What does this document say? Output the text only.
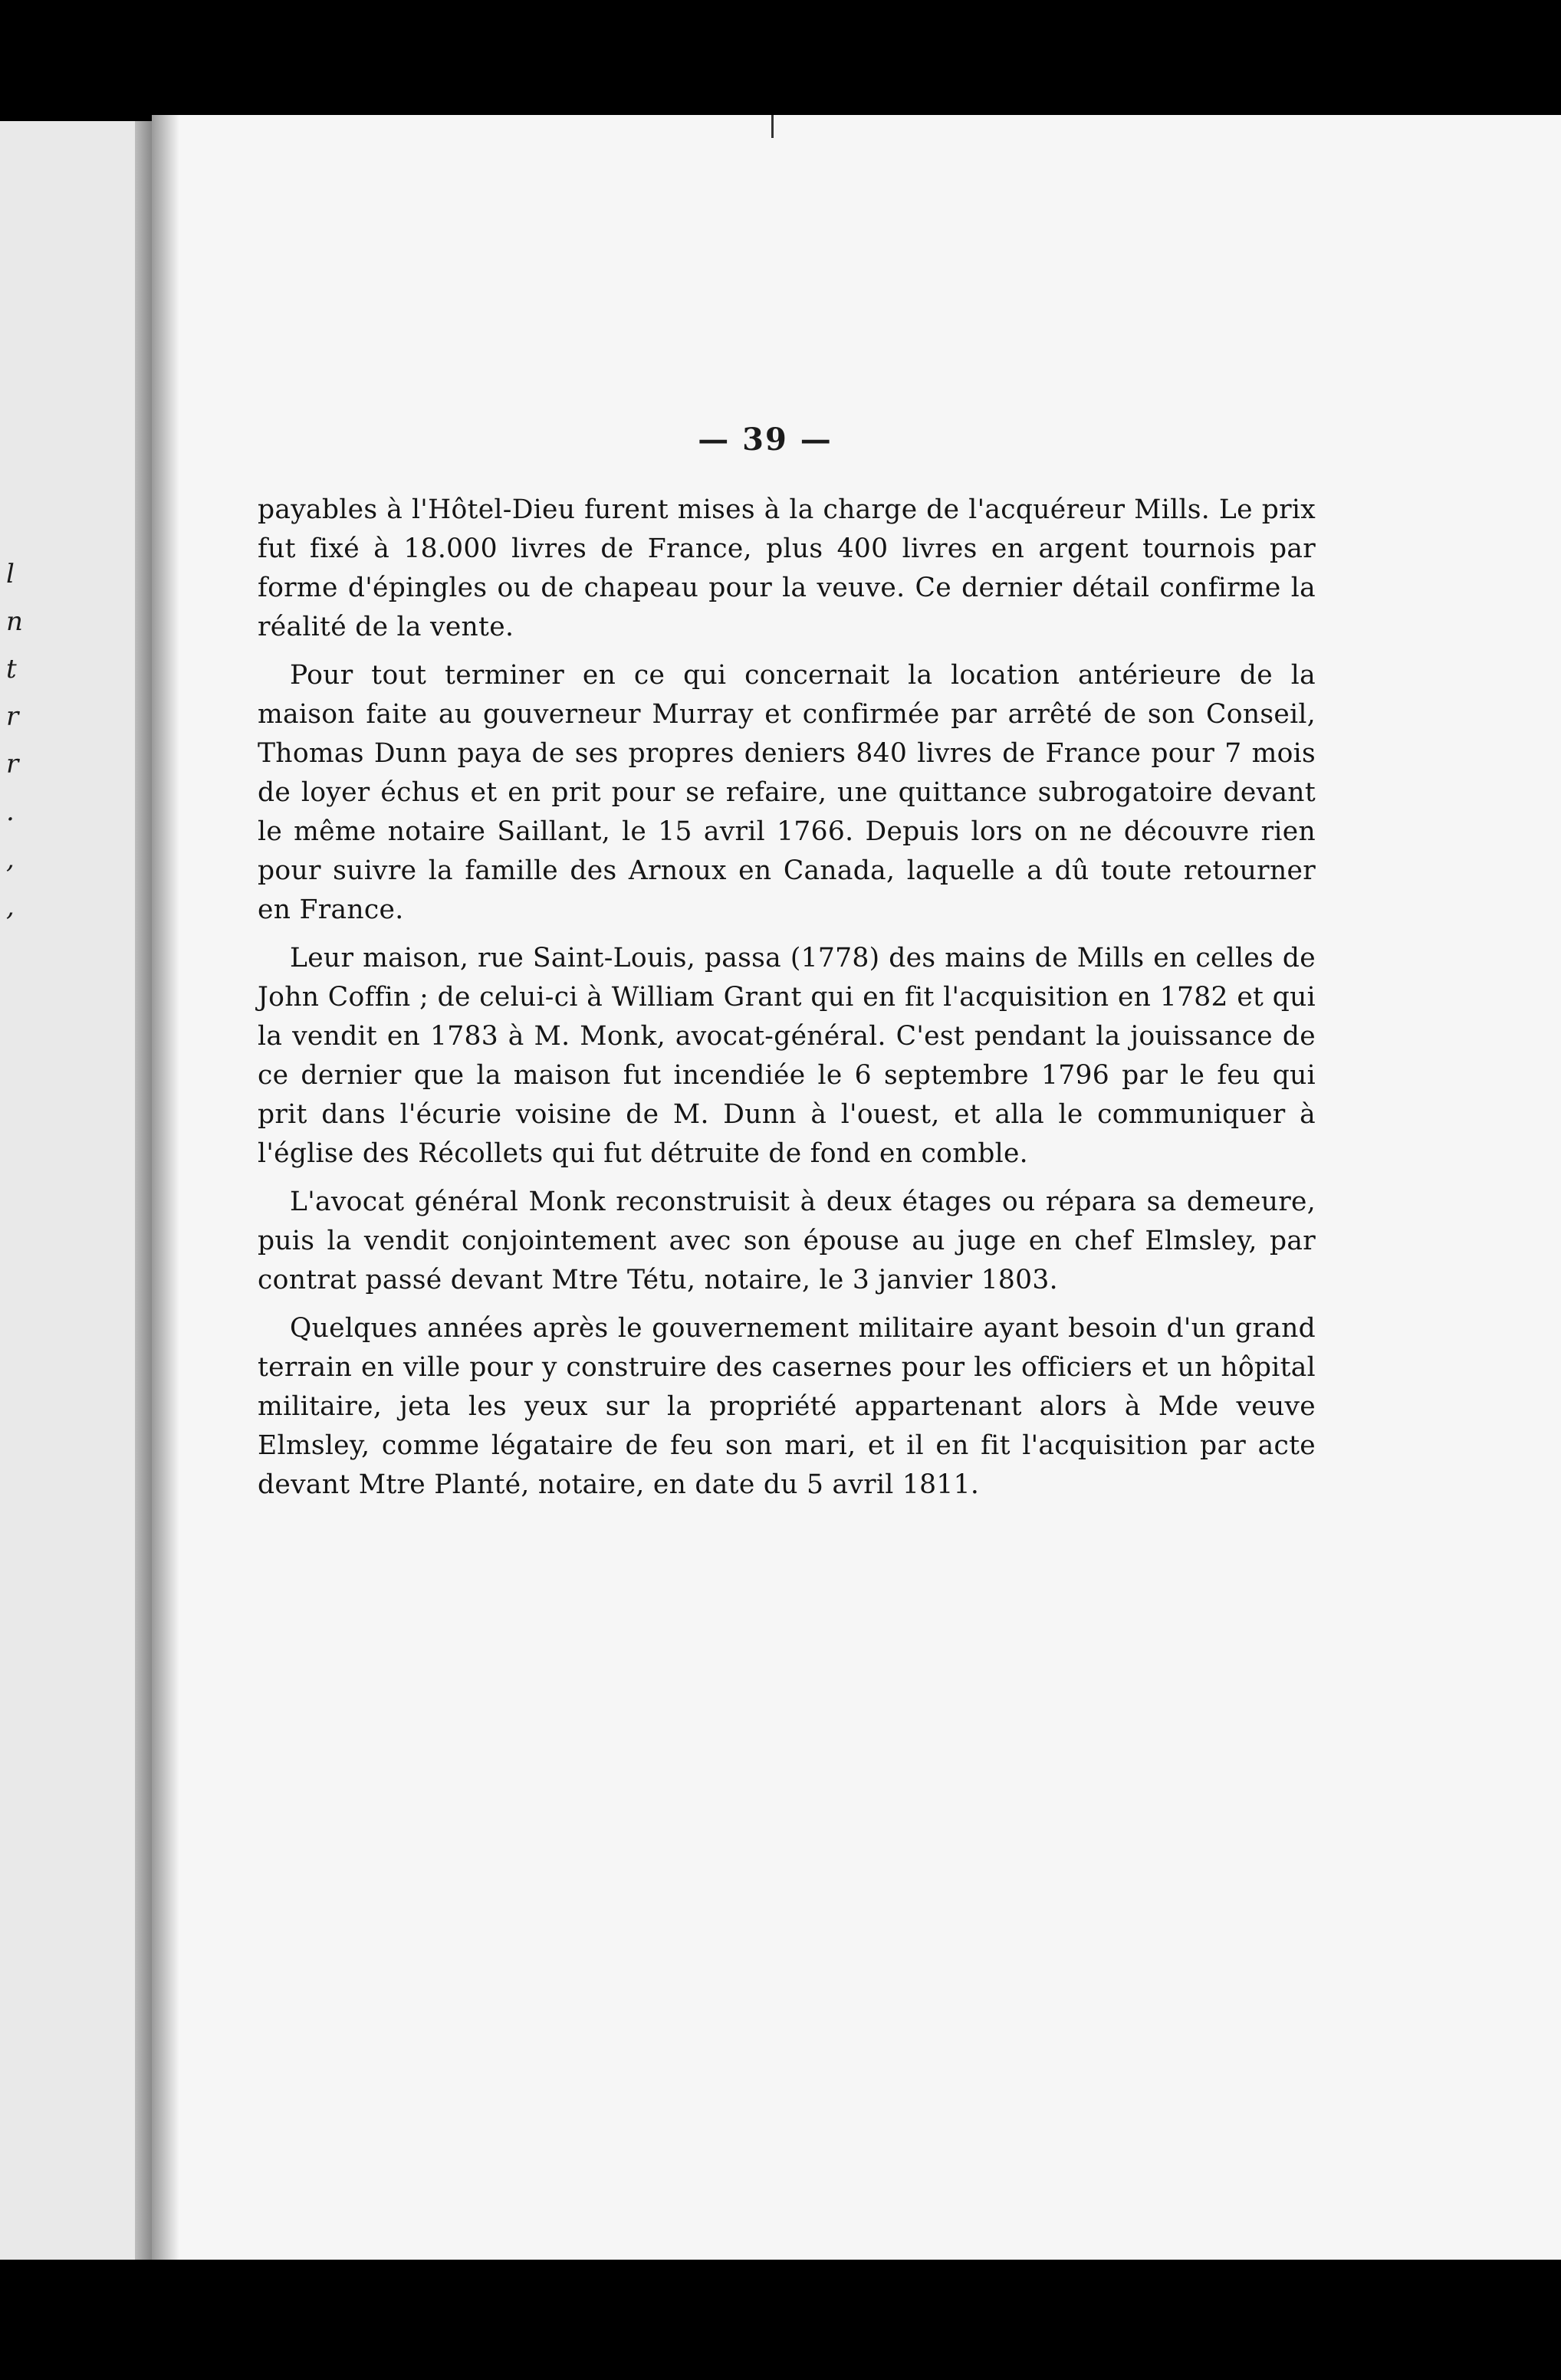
l
n
t
r
r
.
,
,
— 39 —

payables à l'Hôtel-Dieu furent mises à la charge de l'acquéreur Mills. Le prix fut fixé à 18.000 livres de France, plus 400 livres en argent tournois par forme d'épingles ou de chapeau pour la veuve. Ce dernier détail confirme la réalité de la vente.

Pour tout terminer en ce qui concernait la location antérieure de la maison faite au gouverneur Murray et confirmée par arrêté de son Conseil, Thomas Dunn paya de ses propres deniers 840 livres de France pour 7 mois de loyer échus et en prit pour se refaire, une quittance subrogatoire devant le même notaire Saillant, le 15 avril 1766. Depuis lors on ne découvre rien pour suivre la famille des Arnoux en Canada, laquelle a dû toute retourner en France.

Leur maison, rue Saint-Louis, passa (1778) des mains de Mills en celles de John Coffin ; de celui-ci à William Grant qui en fit l'acquisition en 1782 et qui la vendit en 1783 à M. Monk, avocat-général. C'est pendant la jouissance de ce dernier que la maison fut incendiée le 6 septembre 1796 par le feu qui prit dans l'écurie voisine de M. Dunn à l'ouest, et alla le communiquer à l'église des Récollets qui fut détruite de fond en comble.

L'avocat général Monk reconstruisit à deux étages ou répara sa demeure, puis la vendit conjointement avec son épouse au juge en chef Elmsley, par contrat passé devant Mtre Tétu, notaire, le 3 janvier 1803.

Quelques années après le gouvernement militaire ayant besoin d'un grand terrain en ville pour y construire des casernes pour les officiers et un hôpital militaire, jeta les yeux sur la propriété appartenant alors à Mde veuve Elmsley, comme légataire de feu son mari, et il en fit l'acquisition par acte devant Mtre Planté, notaire, en date du 5 avril 1811.
